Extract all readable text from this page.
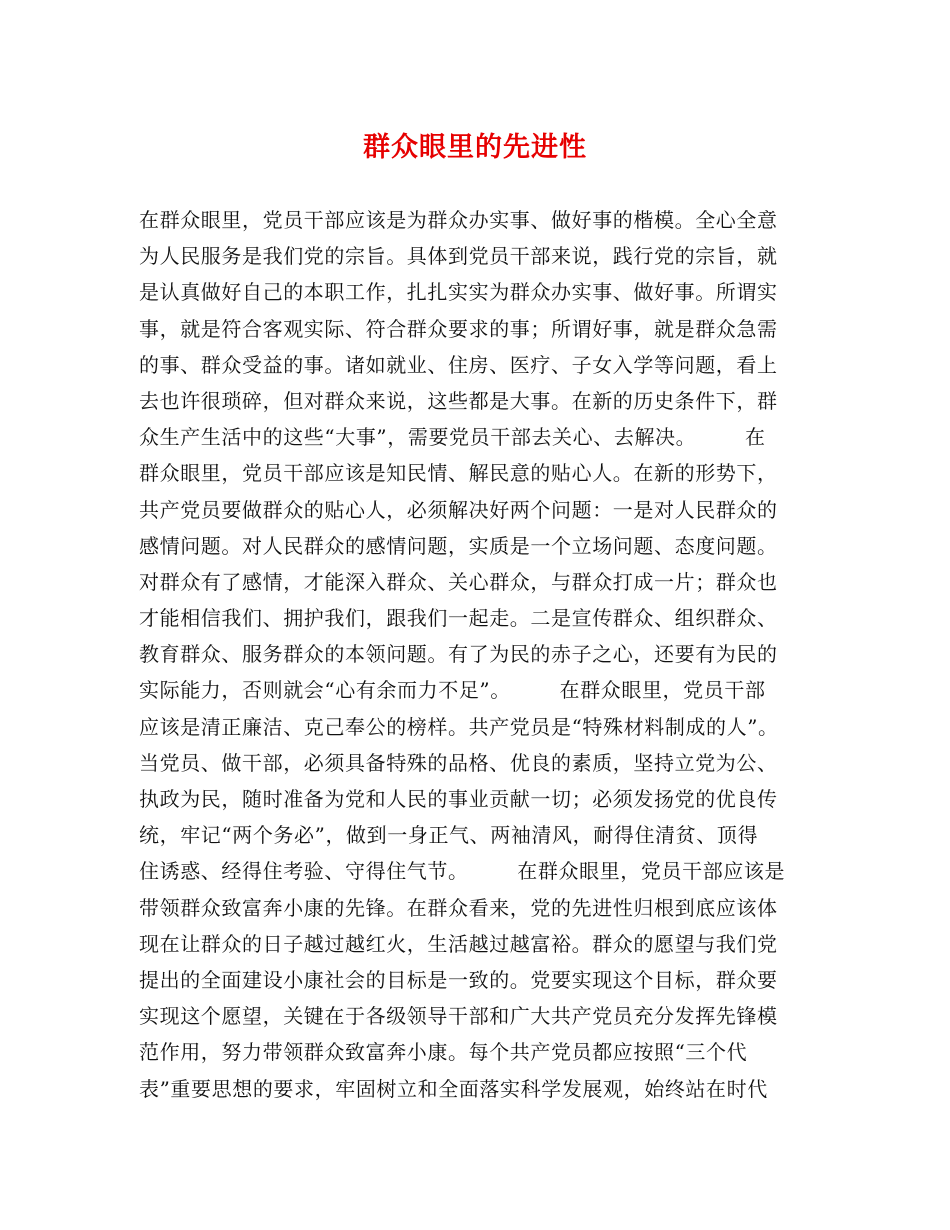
群众眼里的先进性
在群众眼里，党员干部应该是为群众办实事、做好事的楷模。全心全意
为人民服务是我们党的宗旨。具体到党员干部来说，践行党的宗旨，就
是认真做好自己的本职工作，扎扎实实为群众办实事、做好事。所谓实
事，就是符合客观实际、符合群众要求的事；所谓好事，就是群众急需
的事、群众受益的事。诸如就业、住房、医疗、子女入学等问题，看上
去也许很琐碎，但对群众来说，这些都是大事。在新的历史条件下，群
众生产生活中的这些“大事”，需要党员干部去关心、去解决。       在
群众眼里，党员干部应该是知民情、解民意的贴心人。在新的形势下，
共产党员要做群众的贴心人，必须解决好两个问题：一是对人民群众的
感情问题。对人民群众的感情问题，实质是一个立场问题、态度问题。
对群众有了感情，才能深入群众、关心群众，与群众打成一片；群众也
才能相信我们、拥护我们，跟我们一起走。二是宣传群众、组织群众、
教育群众、服务群众的本领问题。有了为民的赤子之心，还要有为民的
实际能力，否则就会“心有余而力不足”。       在群众眼里，党员干部
应该是清正廉洁、克己奉公的榜样。共产党员是“特殊材料制成的人”。
当党员、做干部，必须具备特殊的品格、优良的素质，坚持立党为公、
执政为民，随时准备为党和人民的事业贡献一切；必须发扬党的优良传
统，牢记“两个务必”，做到一身正气、两袖清风，耐得住清贫、顶得
住诱惑、经得住考验、守得住气节。       在群众眼里，党员干部应该是
带领群众致富奔小康的先锋。在群众看来，党的先进性归根到底应该体
现在让群众的日子越过越红火，生活越过越富裕。群众的愿望与我们党
提出的全面建设小康社会的目标是一致的。党要实现这个目标，群众要
实现这个愿望，关键在于各级领导干部和广大共产党员充分发挥先锋模
范作用，努力带领群众致富奔小康。每个共产党员都应按照“三个代
表”重要思想的要求，牢固树立和全面落实科学发展观，始终站在时代
